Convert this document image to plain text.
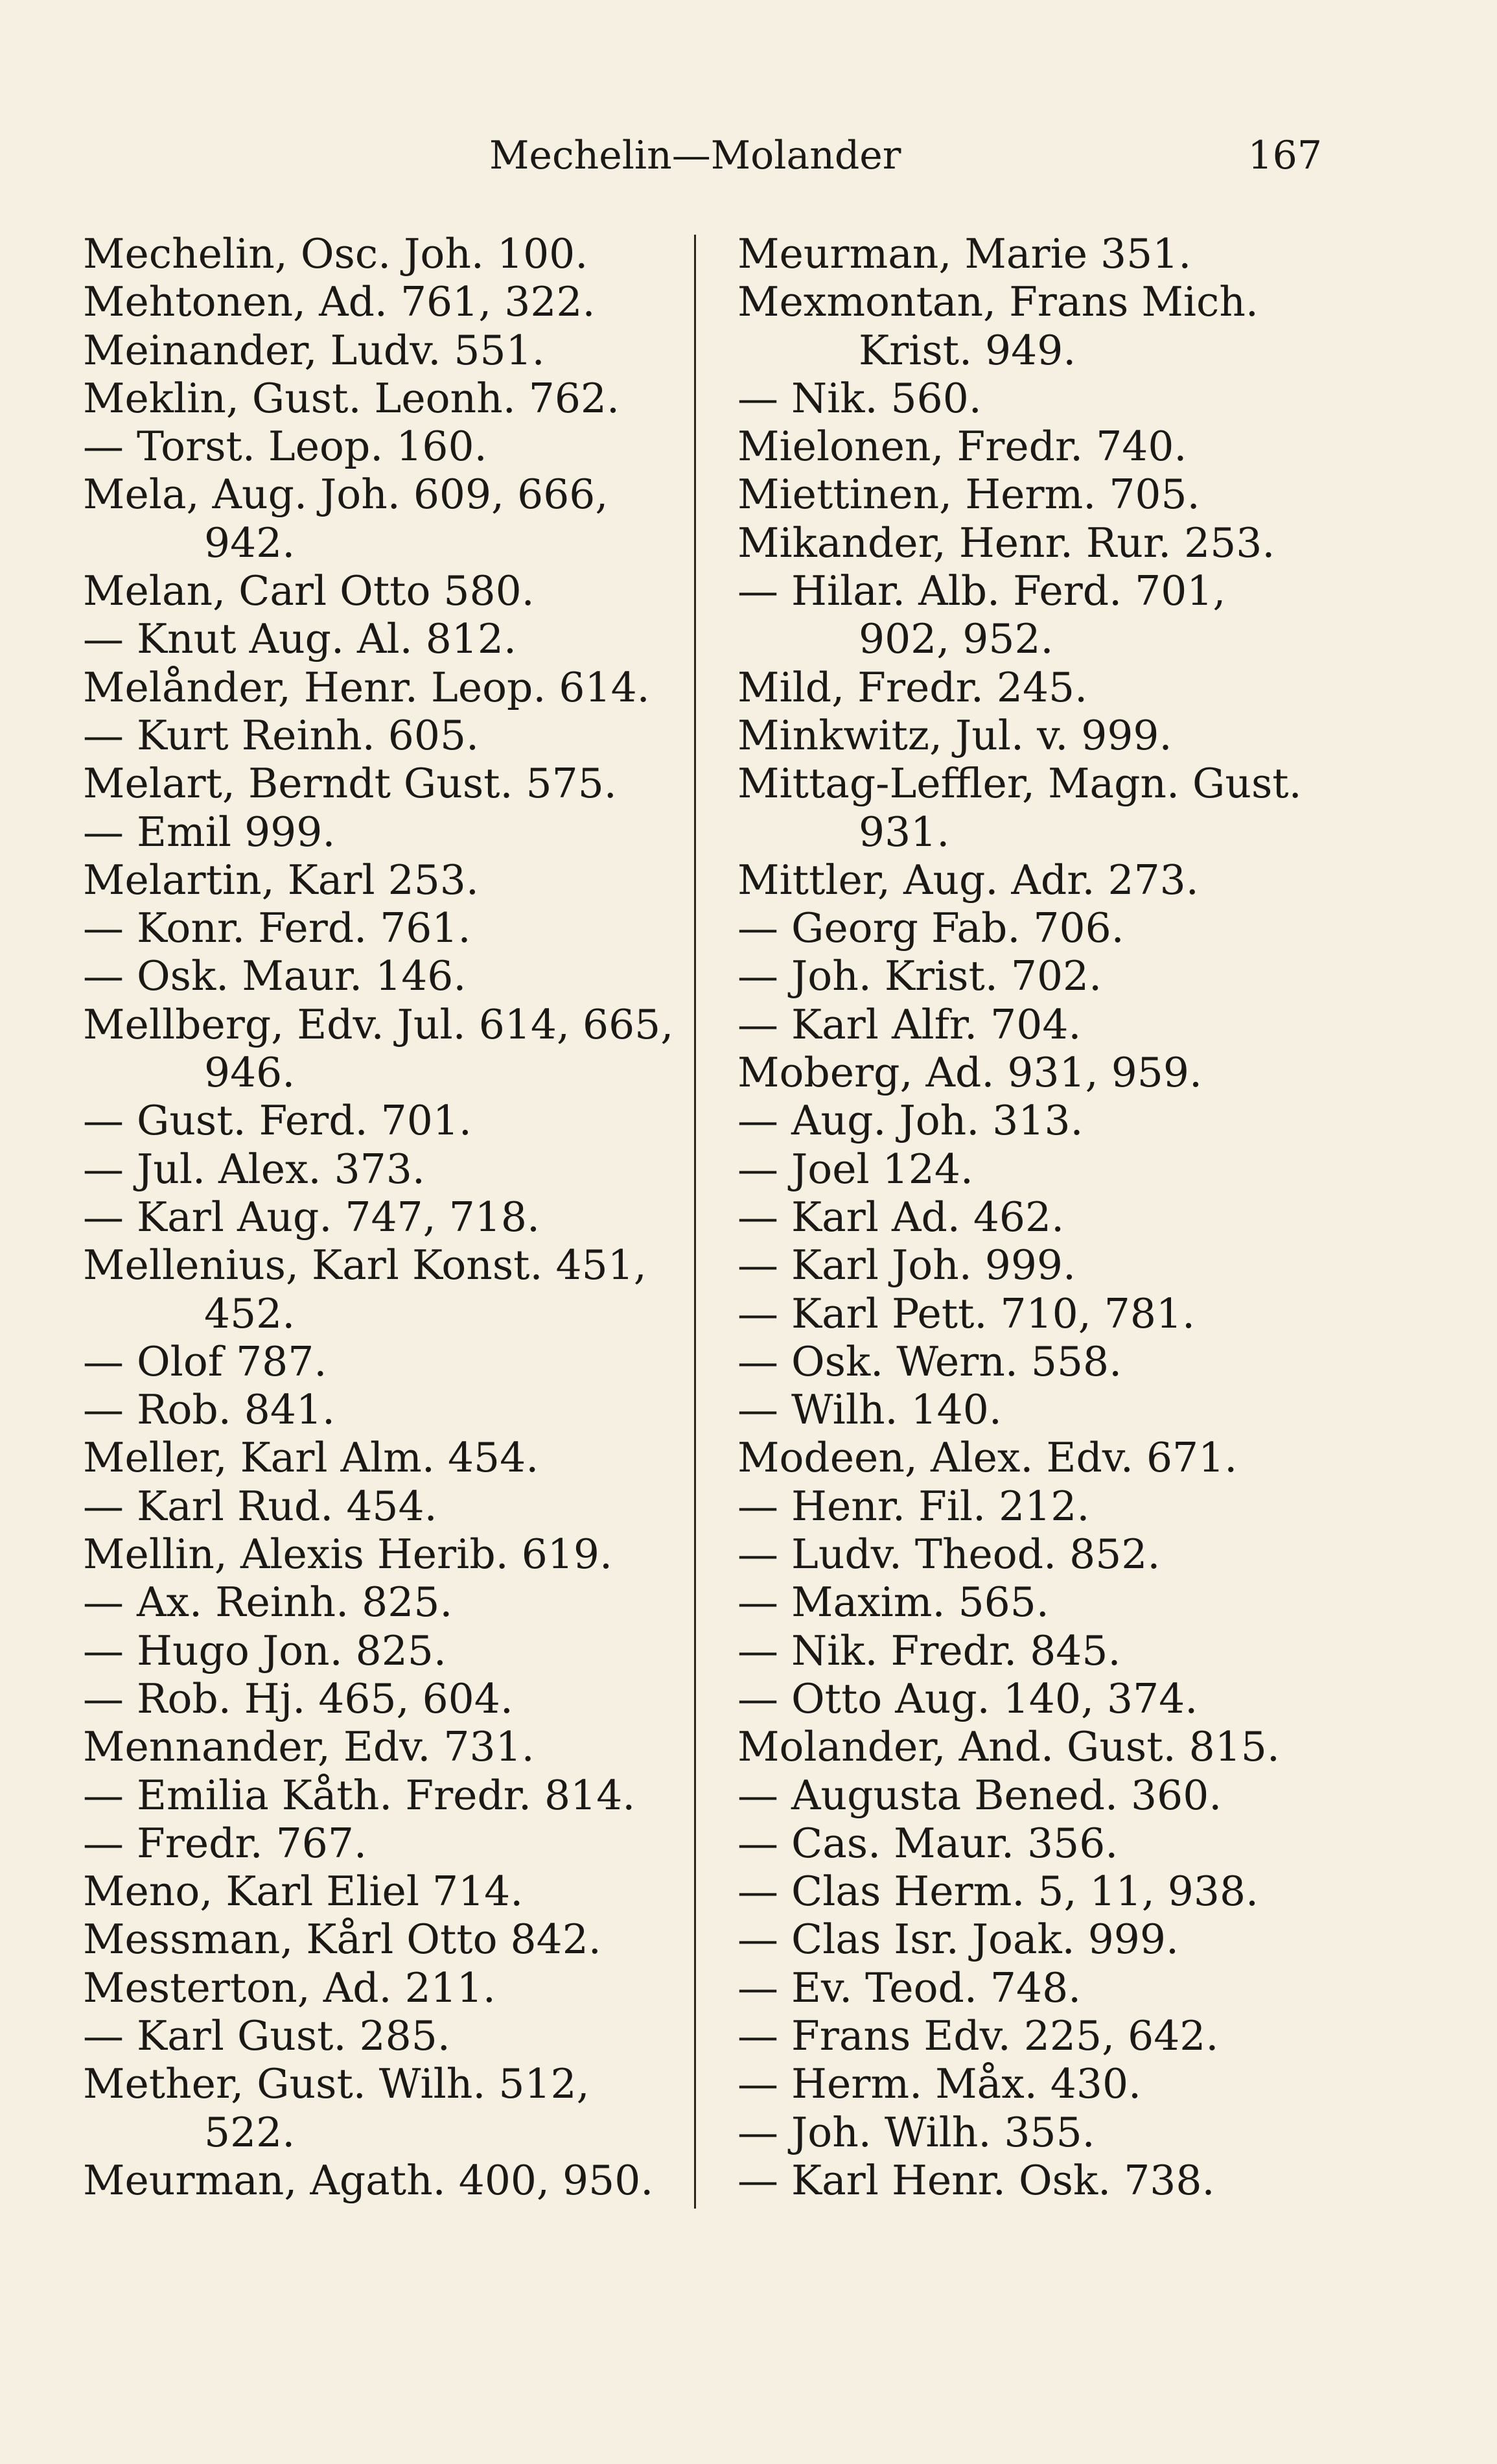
Mechelin—Molander	167
Mechelin, Osc. Joh. 100.
Mehtonen, Ad. 761, 322.
Meinander, Ludv. 551.
Meklin, Gust. Leonh. 762.
— Torst. Leop. 160.
Mela, Aug. Joh. 609, 666,
942.
Melan, Carl Otto 580.
— Knut Aug. Al. 812.
Melånder, Henr. Leop. 614.
— Kurt Reinh. 605.
Melart, Berndt Gust. 575.
— Emil 999.
Melartin, Karl 253.
— Konr. Ferd. 761.
— Osk. Maur. 146.
Mellberg, Edv. Jul. 614, 665,
946.
— Gust. Ferd. 701.
— Jul. Alex. 373.
— Karl Aug. 747, 718.
Mellenius, Karl Konst. 451,
452.
— Olof 787.
— Rob. 841.
Meller, Karl Alm. 454.
— Karl Rud. 454.
Mellin, Alexis Herib. 619.
— Ax. Reinh. 825.
— Hugo Jon. 825.
— Rob. Hj. 465, 604.
Mennander, Edv. 731.
— Emilia Kåth. Fredr. 814.
— Fredr. 767.
Meno, Karl Eliel 714.
Messman, Kårl Otto 842.
Mesterton, Ad. 211.
— Karl Gust. 285.
Mether, Gust. Wilh. 512,
522.
Meurman, Agath. 400, 950.
Meurman, Marie 351.
Mexmontan, Frans Mich.
Krist. 949.
— Nik. 560.
Mielonen, Fredr. 740.
Miettinen, Herm. 705.
Mikander, Henr. Rur. 253.
— Hilar. Alb. Ferd. 701,
902, 952.
Mild, Fredr. 245.
Minkwitz, Jul. v. 999.
Mittag-Leffler, Magn. Gust.
931.
Mittler, Aug. Adr. 273.
— Georg Fab. 706.
— Joh. Krist. 702.
— Karl Alfr. 704.
Moberg, Ad. 931, 959.
— Aug. Joh. 313.
— Joel 124.
— Karl Ad. 462.
— Karl Joh. 999.
— Karl Pett. 710, 781.
— Osk. Wern. 558.
— Wilh. 140.
Modeen, Alex. Edv. 671.
— Henr. Fil. 212.
— Ludv. Theod. 852.
— Maxim. 565.
— Nik. Fredr. 845.
— Otto Aug. 140, 374.
Molander, And. Gust. 815.
— Augusta Bened. 360.
— Cas. Maur. 356.
— Clas Herm. 5, 11, 938.
— Clas Isr. Joak. 999.
— Ev. Teod. 748.
— Frans Edv. 225, 642.
— Herm. Måx. 430.
— Joh. Wilh. 355.
— Karl Henr. Osk. 738.
